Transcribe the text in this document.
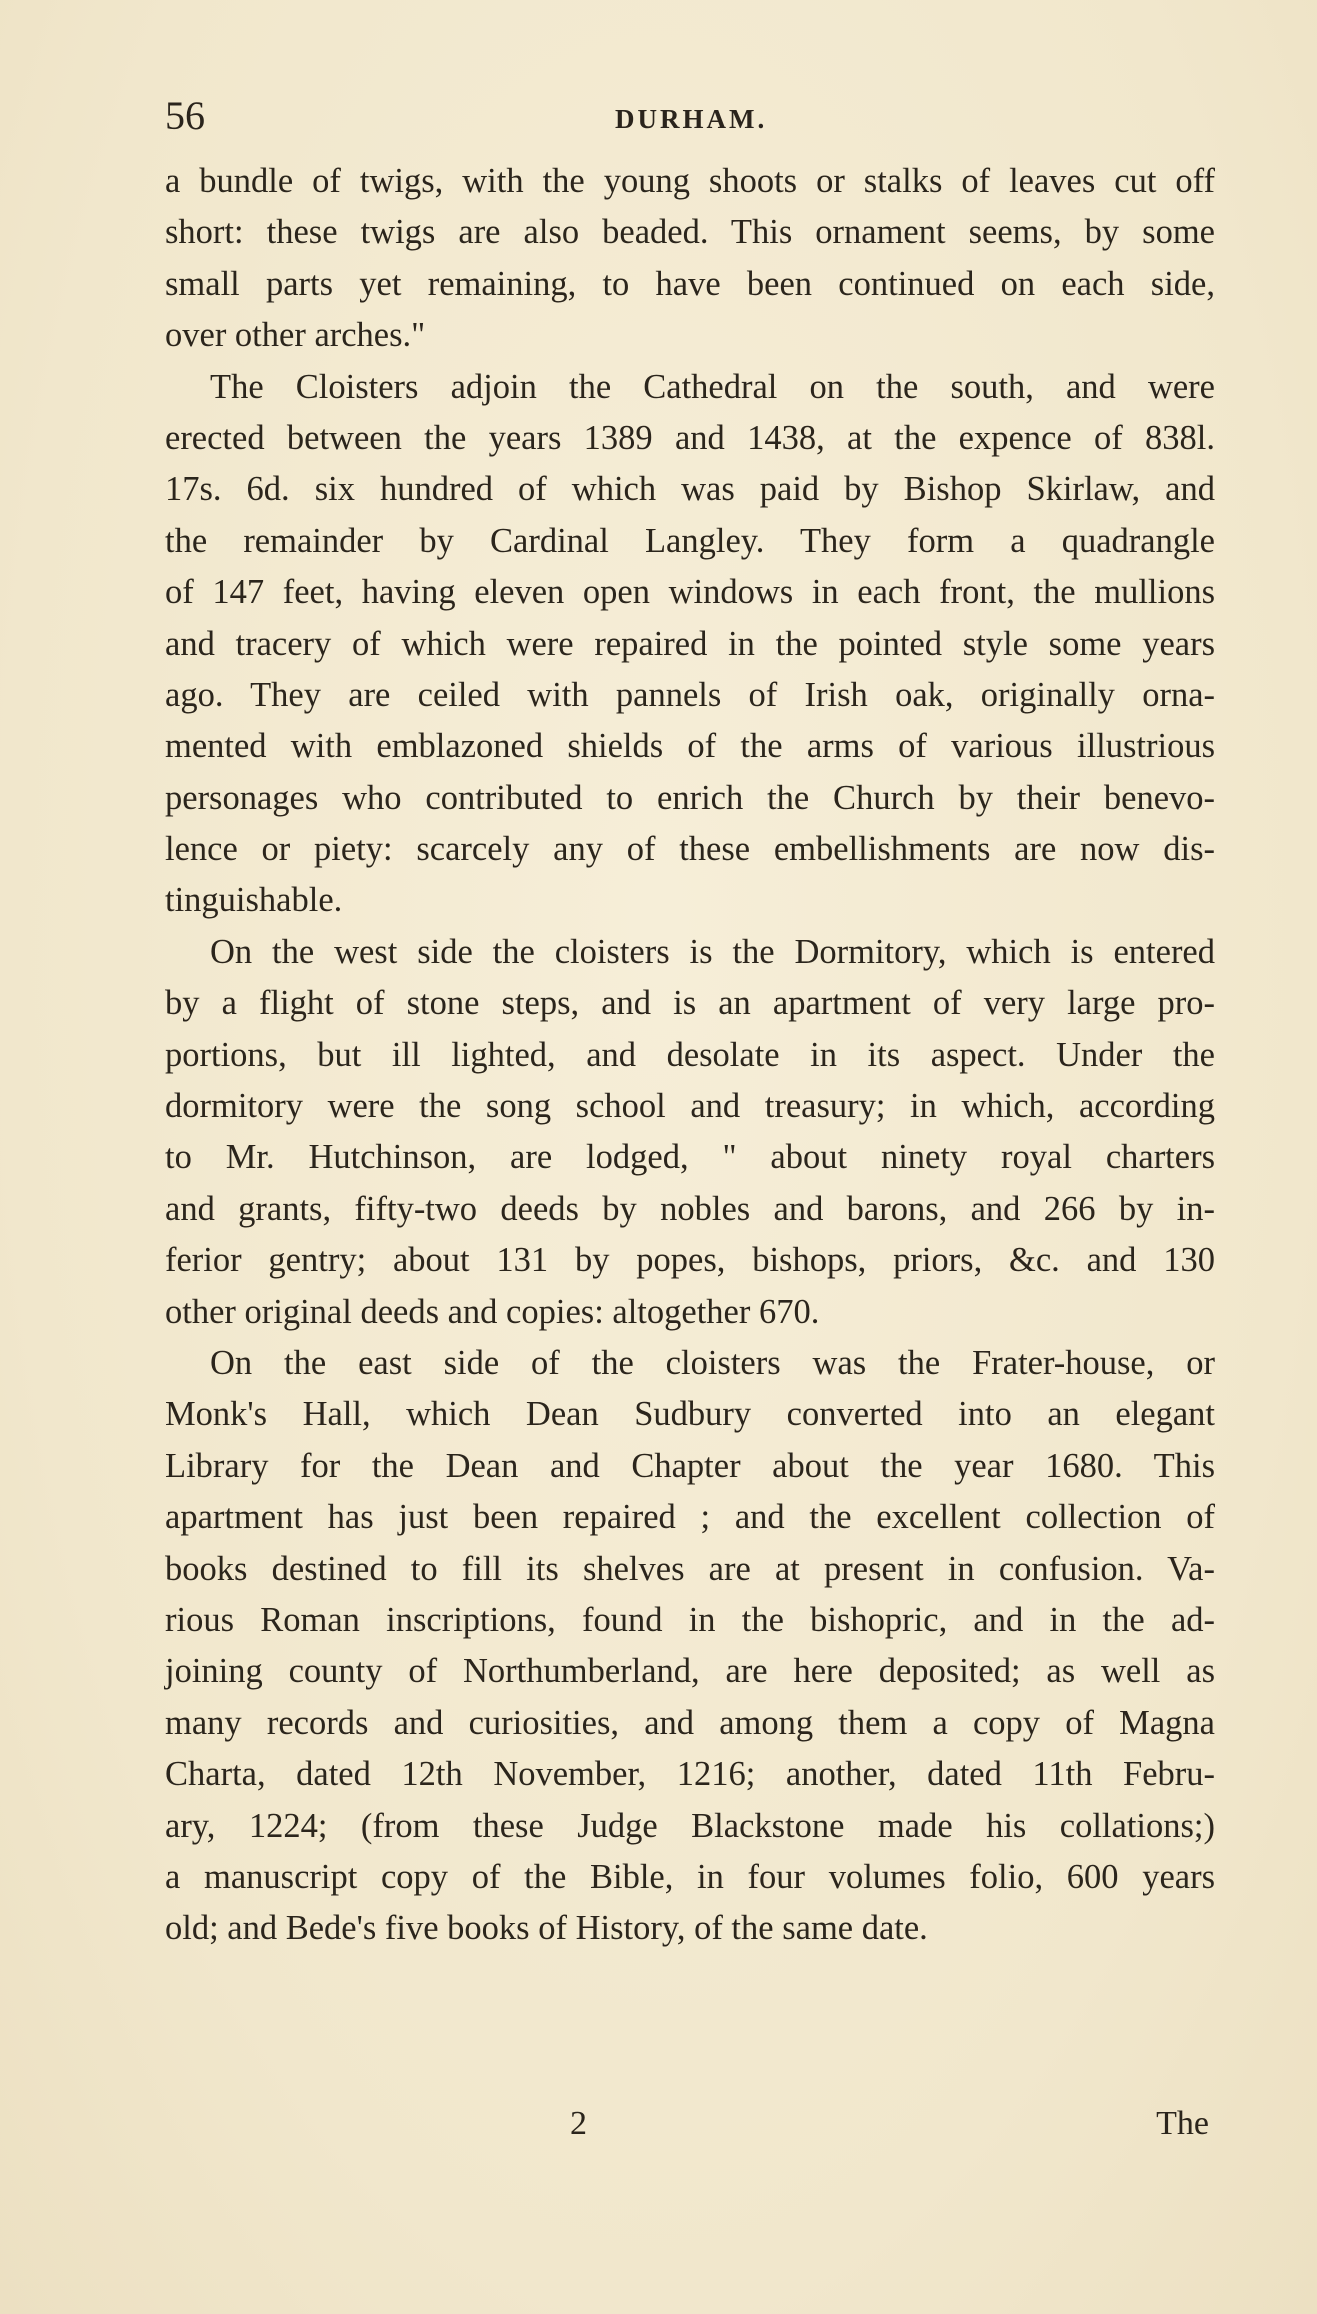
56	DURHAM.
a bundle of twigs, with the young shoots or stalks of leaves cut off
short: these twigs are also beaded. This ornament seems, by some
small parts yet remaining, to have been continued on each side,
over other arches."
The Cloisters adjoin the Cathedral on the south, and were
erected between the years 1389 and 1438, at the expence of 838l.
17s. 6d. six hundred of which was paid by Bishop Skirlaw, and
the remainder by Cardinal Langley. They form a quadrangle
of 147 feet, having eleven open windows in each front, the mullions
and tracery of which were repaired in the pointed style some years
ago. They are ceiled with pannels of Irish oak, originally orna-
mented with emblazoned shields of the arms of various illustrious
personages who contributed to enrich the Church by their benevo-
lence or piety: scarcely any of these embellishments are now dis-
tinguishable.
On the west side the cloisters is the Dormitory, which is entered
by a flight of stone steps, and is an apartment of very large pro-
portions, but ill lighted, and desolate in its aspect. Under the
dormitory were the song school and treasury; in which, according
to Mr. Hutchinson, are lodged, " about ninety royal charters
and grants, fifty-two deeds by nobles and barons, and 266 by in-
ferior gentry; about 131 by popes, bishops, priors, &c. and 130
other original deeds and copies: altogether 670.
On the east side of the cloisters was the Frater-house, or
Monk's Hall, which Dean Sudbury converted into an elegant
Library for the Dean and Chapter about the year 1680. This
apartment has just been repaired ; and the excellent collection of
books destined to fill its shelves are at present in confusion. Va-
rious Roman inscriptions, found in the bishopric, and in the ad-
joining county of Northumberland, are here deposited; as well as
many records and curiosities, and among them a copy of Magna
Charta, dated 12th November, 1216; another, dated 11th Febru-
ary, 1224; (from these Judge Blackstone made his collations;)
a manuscript copy of the Bible, in four volumes folio, 600 years
old; and Bede's five books of History, of the same date.
2	The
